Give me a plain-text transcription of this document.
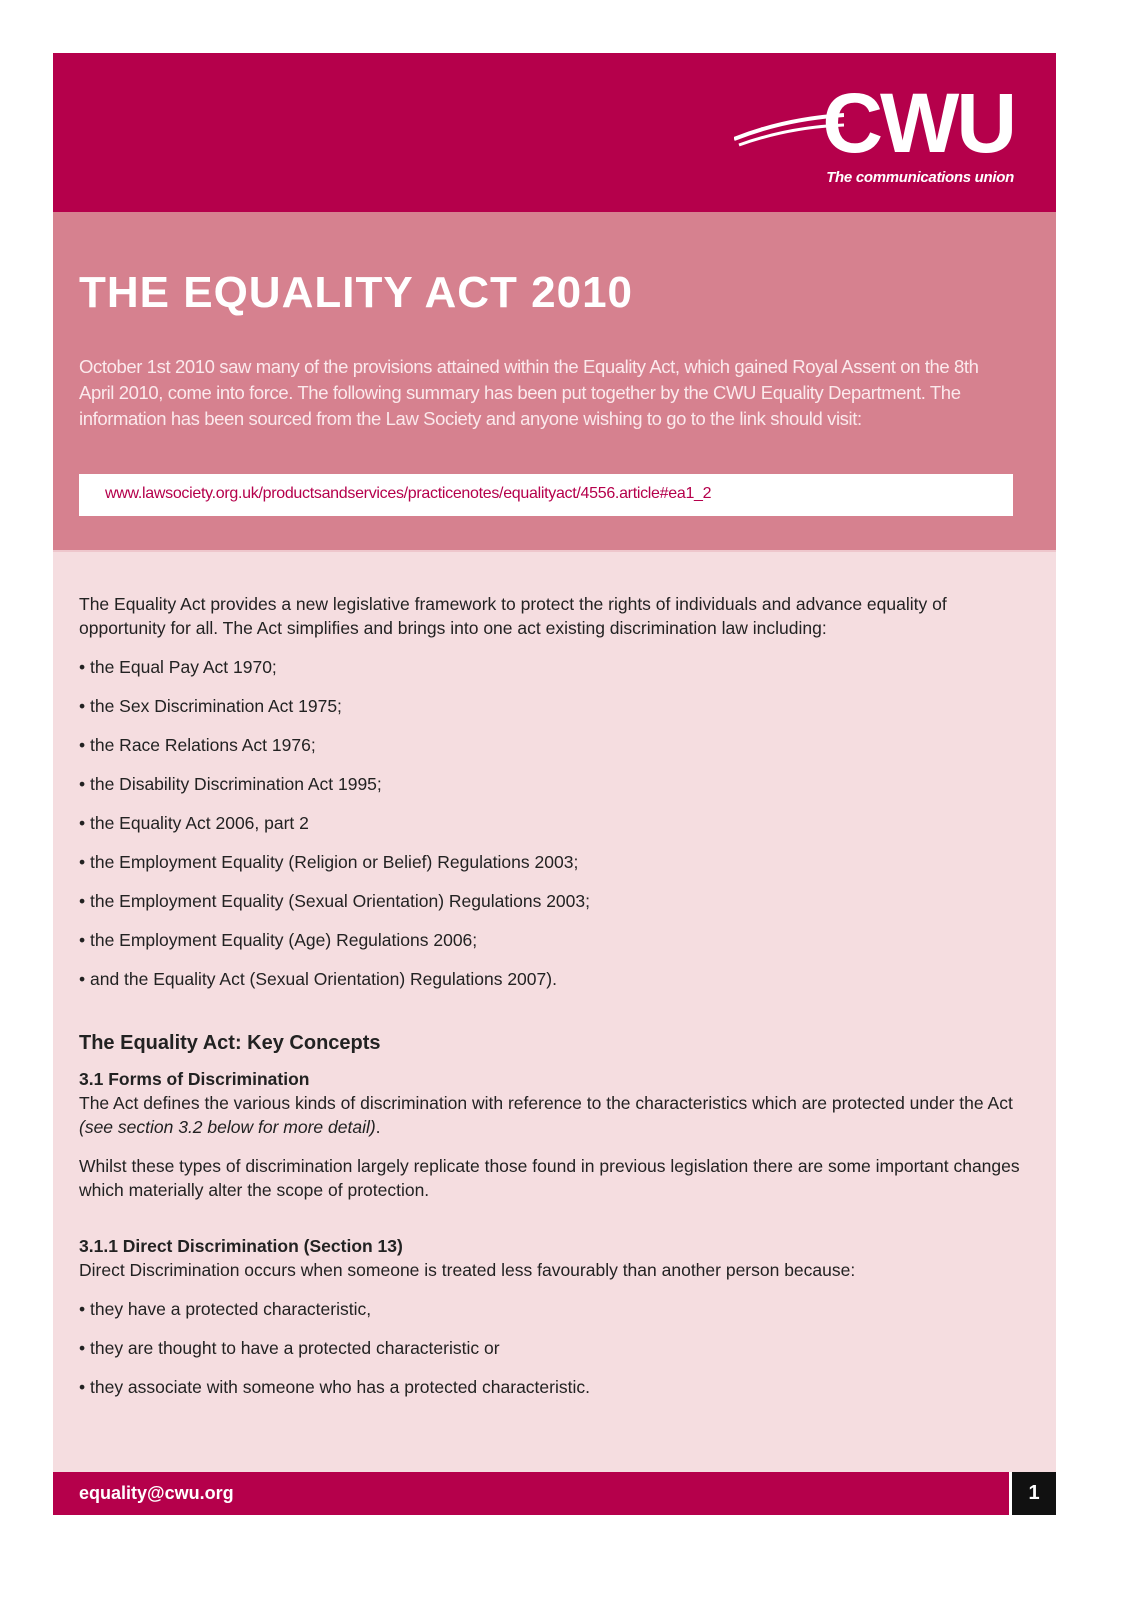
CWU
The communications union
THE EQUALITY ACT 2010

October 1st 2010 saw many of the provisions attained within the Equality Act, which gained Royal Assent on the 8th April 2010, come into force. The following summary has been put together by the CWU Equality Department. The information has been sourced from the Law Society and anyone wishing to go to the link should visit:

www.lawsociety.org.uk/productsandservices/practicenotes/equalityact/4556.article#ea1_2

The Equality Act provides a new legislative framework to protect the rights of individuals and advance equality of opportunity for all. The Act simplifies and brings into one act existing discrimination law including:

• the Equal Pay Act 1970;
• the Sex Discrimination Act 1975;
• the Race Relations Act 1976;
• the Disability Discrimination Act 1995;
• the Equality Act 2006, part 2
• the Employment Equality (Religion or Belief) Regulations 2003;
• the Employment Equality (Sexual Orientation) Regulations 2003;
• the Employment Equality (Age) Regulations 2006;
• and the Equality Act (Sexual Orientation) Regulations 2007).
The Equality Act: Key Concepts
3.1 Forms of Discrimination

The Act defines the various kinds of discrimination with reference to the characteristics which are protected under the Act (see section 3.2 below for more detail).

Whilst these types of discrimination largely replicate those found in previous legislation there are some important changes which materially alter the scope of protection.

3.1.1 Direct Discrimination (Section 13)

Direct Discrimination occurs when someone is treated less favourably than another person because:

• they have a protected characteristic,
• they are thought to have a protected characteristic or
• they associate with someone who has a protected characteristic.
equality@cwu.org	1
